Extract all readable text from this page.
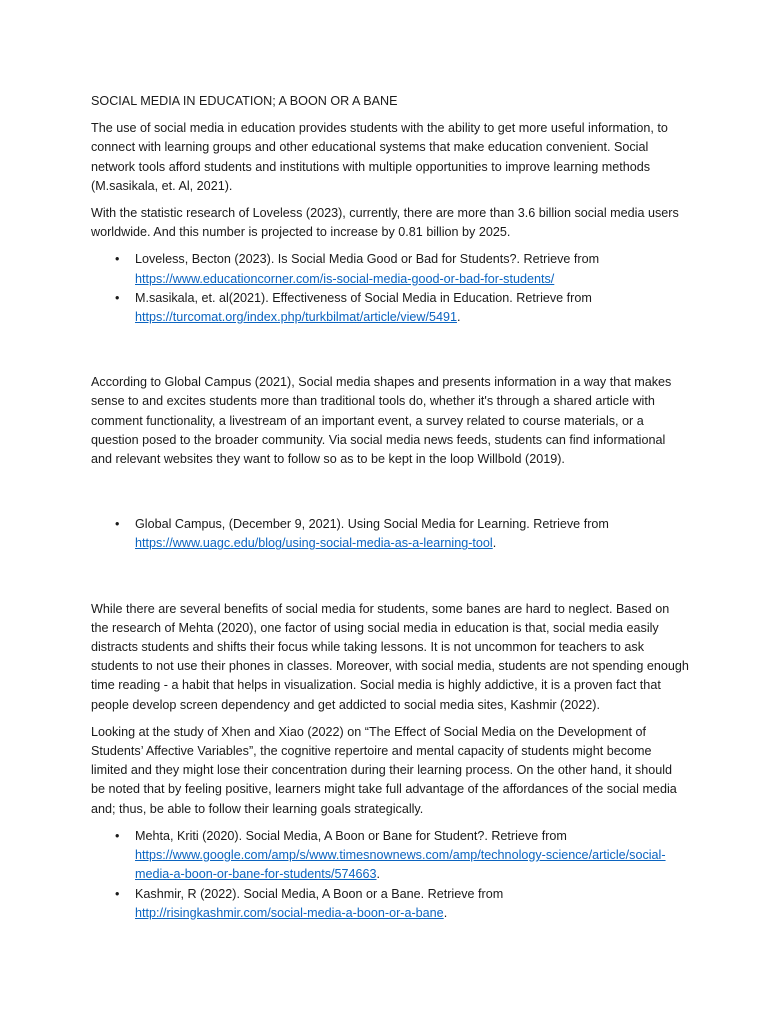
SOCIAL MEDIA IN EDUCATION; A BOON OR A BANE

The use of social media in education provides students with the ability to get more useful information, to connect with learning groups and other educational systems that make education convenient. Social network tools afford students and institutions with multiple opportunities to improve learning methods (M.sasikala, et. Al, 2021).

With the statistic research of Loveless (2023), currently, there are more than 3.6 billion social media users worldwide. And this number is projected to increase by 0.81 billion by 2025.

• Loveless, Becton (2023). Is Social Media Good or Bad for Students?. Retrieve from
https://www.educationcorner.com/is-social-media-good-or-bad-for-students/
• M.sasikala, et. al(2021). Effectiveness of Social Media in Education. Retrieve from
https://turcomat.org/index.php/turkbilmat/article/view/5491.

According to Global Campus (2021), Social media shapes and presents information in a way that makes sense to and excites students more than traditional tools do, whether it's through a shared article with comment functionality, a livestream of an important event, a survey related to course materials, or a question posed to the broader community. Via social media news feeds, students can find informational and relevant websites they want to follow so as to be kept in the loop Willbold (2019).

• Global Campus, (December 9, 2021). Using Social Media for Learning. Retrieve from
https://www.uagc.edu/blog/using-social-media-as-a-learning-tool.

While there are several benefits of social media for students, some banes are hard to neglect. Based on the research of Mehta (2020), one factor of using social media in education is that, social media easily distracts students and shifts their focus while taking lessons. It is not uncommon for teachers to ask students to not use their phones in classes. Moreover, with social media, students are not spending enough time reading - a habit that helps in visualization. Social media is highly addictive, it is a proven fact that people develop screen dependency and get addicted to social media sites, Kashmir (2022).

Looking at the study of Xhen and Xiao (2022) on “The Effect of Social Media on the Development of Students’ Affective Variables”, the cognitive repertoire and mental capacity of students might become limited and they might lose their concentration during their learning process. On the other hand, it should be noted that by feeling positive, learners might take full advantage of the affordances of the social media and; thus, be able to follow their learning goals strategically.

• Mehta, Kriti (2020). Social Media, A Boon or Bane for Student?. Retrieve from
https://www.google.com/amp/s/www.timesnownews.com/amp/technology-science/article/social-media-a-boon-or-bane-for-students/574663.
• Kashmir, R (2022). Social Media, A Boon or a Bane. Retrieve from
http://risingkashmir.com/social-media-a-boon-or-a-bane.
